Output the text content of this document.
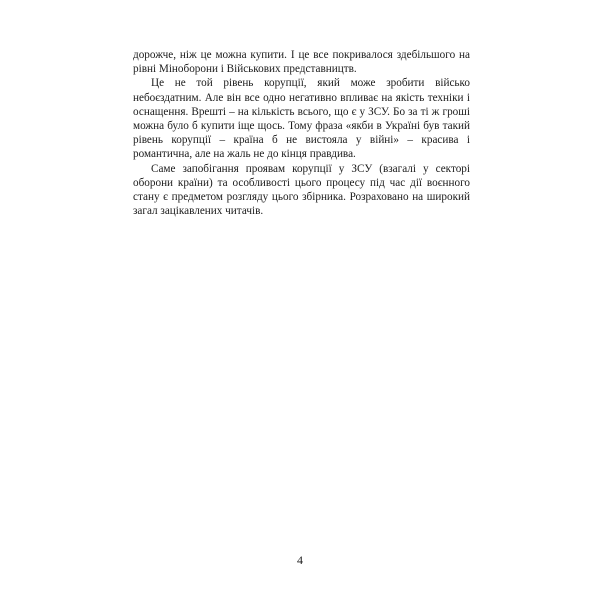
дорожче, ніж це можна купити. І це все покривалося здебільшого на рівні Міноборони і Військових представництв.

Це не той рівень корупції, який може зробити військо небоєздатним. Але він все одно негативно впливає на якість техніки і оснащення. Врешті – на кількість всього, що є у ЗСУ. Бо за ті ж гроші можна було б купити іще щось. Тому фраза «якби в Україні був такий рівень корупції – країна б не вистояла у війні» – красива і романтична, але на жаль не до кінця правдива.

Саме запобігання проявам корупції у ЗСУ (взагалі у секторі оборони країни) та особливості цього процесу під час дії воєнного стану є предметом розгляду цього збірника. Розраховано на широкий загал зацікавлених читачів.

4
